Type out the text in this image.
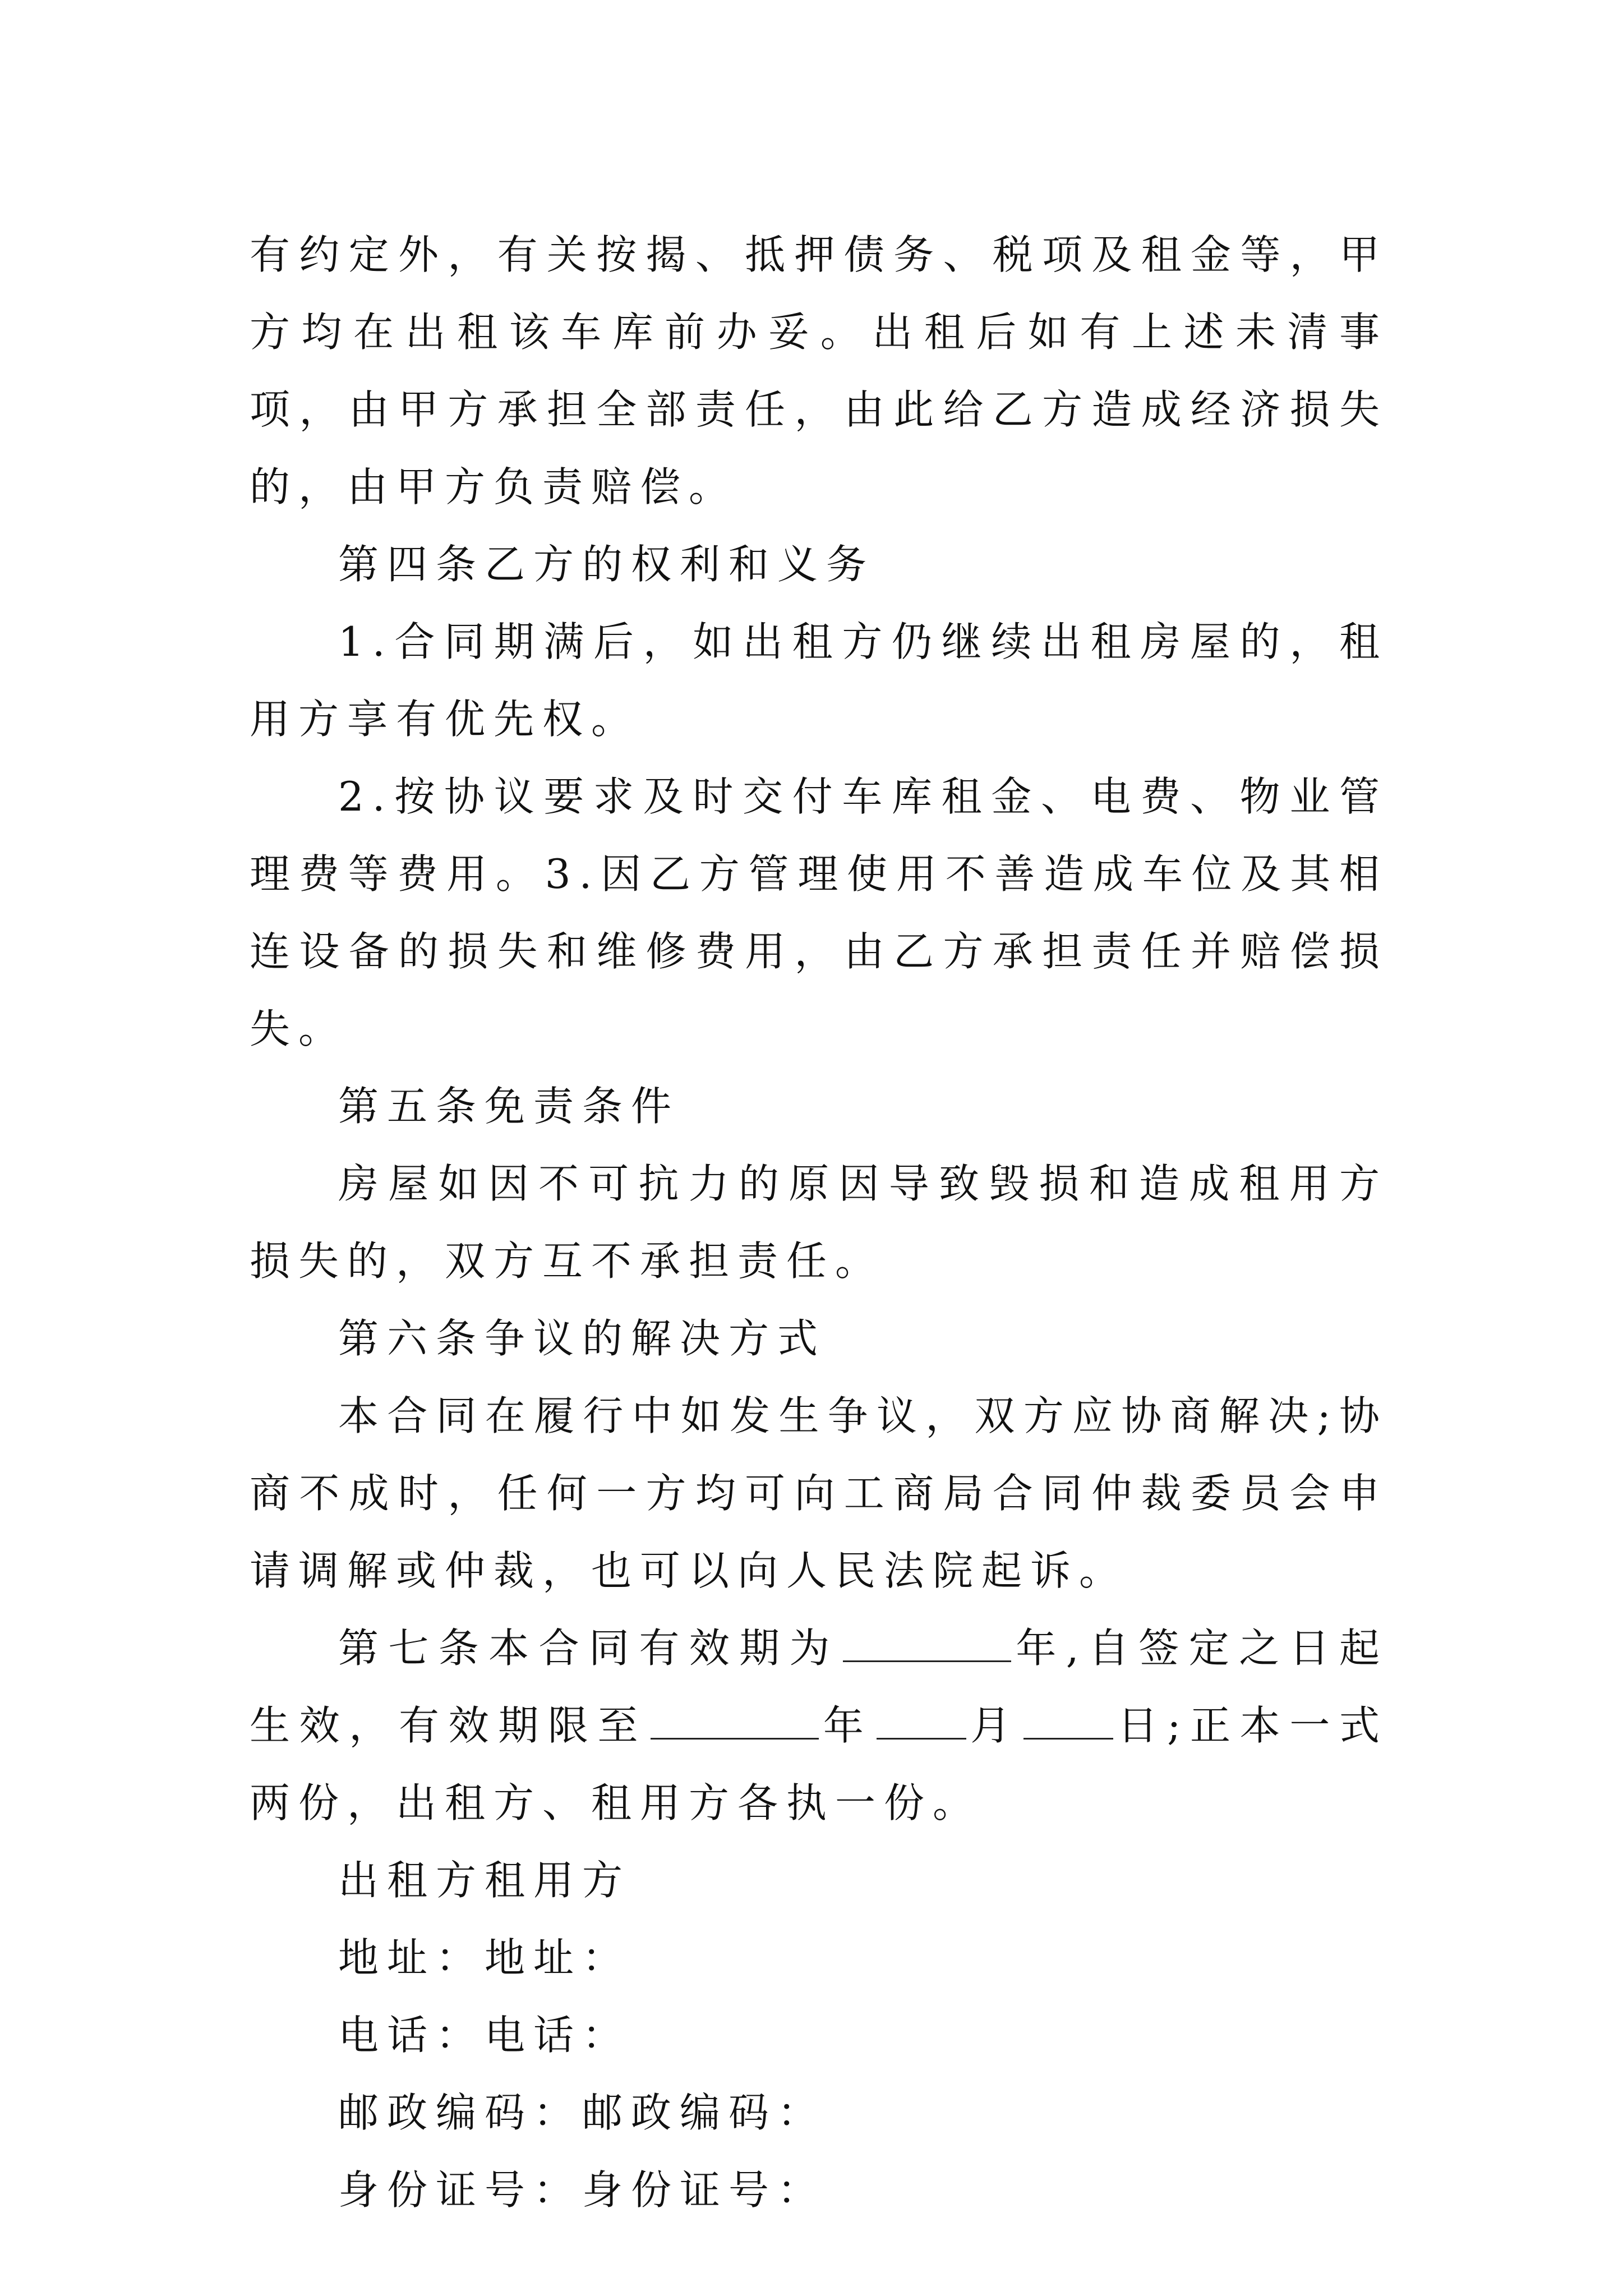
有约定外，有关按揭、抵押债务、税项及租金等，甲方均在出租该车库前办妥。出租后如有上述未清事项，由甲方承担全部责任，由此给乙方造成经济损失的，由甲方负责赔偿。

第四条乙方的权利和义务

1.合同期满后，如出租方仍继续出租房屋的，租用方享有优先权。

2.按协议要求及时交付车库租金、电费、物业管理费等费用。3.因乙方管理使用不善造成车位及其相连设备的损失和维修费用，由乙方承担责任并赔偿损失。

第五条免责条件

房屋如因不可抗力的原因导致毁损和造成租用方损失的，双方互不承担责任。

第六条争议的解决方式

本合同在履行中如发生争议，双方应协商解决;协商不成时，任何一方均可向工商局合同仲裁委员会申请调解或仲裁，也可以向人民法院起诉。

第七条本合同有效期为	年,自签定之日起生效，有效期限至	年 月 日;正本一式两份，出租方、租用方各执一份。

出租方租用方

地址：地址：

电话：电话：

邮政编码：邮政编码：

身份证号：身份证号：
